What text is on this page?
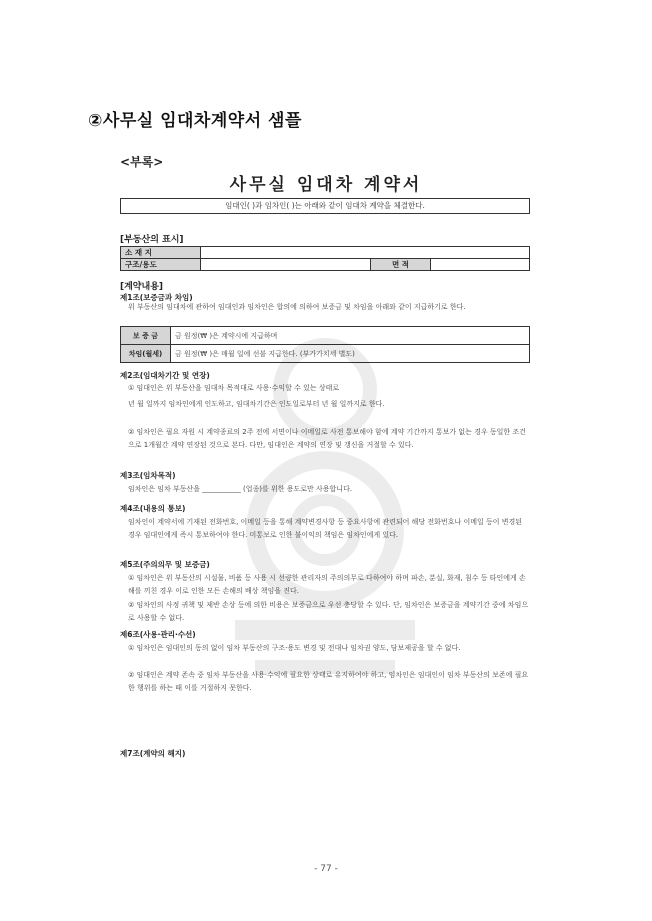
②사무실 임대차계약서 샘플
<부록>
사무실 임대차 계약서
임대인( )과 임차인( )는 아래와 같이 임대차 계약을 체결한다.
[부동산의 표시]
소 재 지			
구조/용도		면 적	
[계약내용]
제1조(보증금과 차임)
위 부동산의 임대차에 관하여 임대인과 임차인은 합의에 의하여 보증금 및 차임을 아래와 같이 지급하기로 한다.
보 증 금	금 원정(₩ )은 계약시에 지급하며
차임(월세)	금 원정(₩ )은 매월 일에 선불 지급한다. (부가가치세 별도)
제2조(임대차기간 및 연장)
① 임대인은 위 부동산을 임대차 목적대로 사용·수익할 수 있는 상태로
년 월 일까지 임차인에게 인도하고, 임대차기간은 인도일로부터 년 월 일까지로 한다.
② 임차인은 필요 자원 시 계약종료의 2주 전에 서면이나 이메일로 사전 통보해야 함에 계약 기간까지 통보가 없는 경우 동일한 조건으로 1개월간 계약 연장된 것으로 본다. 다만, 임대인은 계약의 연장 및 갱신을 거절할 수 있다.
제3조(임차목적)
임차인은 임차 부동산을 ___________ (업종)를 위한 용도로만 사용합니다.
제4조(내용의 통보)
임차인이 계약서에 기재된 전화번호, 이메일 등을 통해 계약변경사항 등 중요사항에 관련되어 해당 전화번호나 이메일 등이 변경된 경우 임대인에게 즉시 통보하여야 한다. 미통보로 인한 불이익의 책임은 임차인에게 있다.
제5조(주의의무 및 보증금)
① 임차인은 위 부동산의 시설물, 비품 등 사용 시 선량한 관리자의 주의의무로 다하여야 하며 파손, 분실, 화재, 침수 등 타인에게 손해를 끼친 경우 이로 인한 모든 손해의 배상 책임을 진다.
② 임차인의 사정 귀책 및 제반 손상 등에 의한 비용은 보증금으로 우선 충당할 수 있다. 단, 임차인은 보증금을 계약기간 중에 차임으로 사용할 수 없다.
제6조(사용·관리·수선)
① 임차인은 임대인의 동의 없이 임차 부동산의 구조·용도 변경 및 전대나 임차권 양도, 담보제공을 할 수 없다.
② 임대인은 계약 존속 중 임차 부동산을 사용·수익에 필요한 상태로 유지하여야 하고, 임차인은 임대인이 임차 부동산의 보존에 필요한 행위를 하는 때 이를 거절하지 못한다.
제7조(계약의 해지)
- 77 -
